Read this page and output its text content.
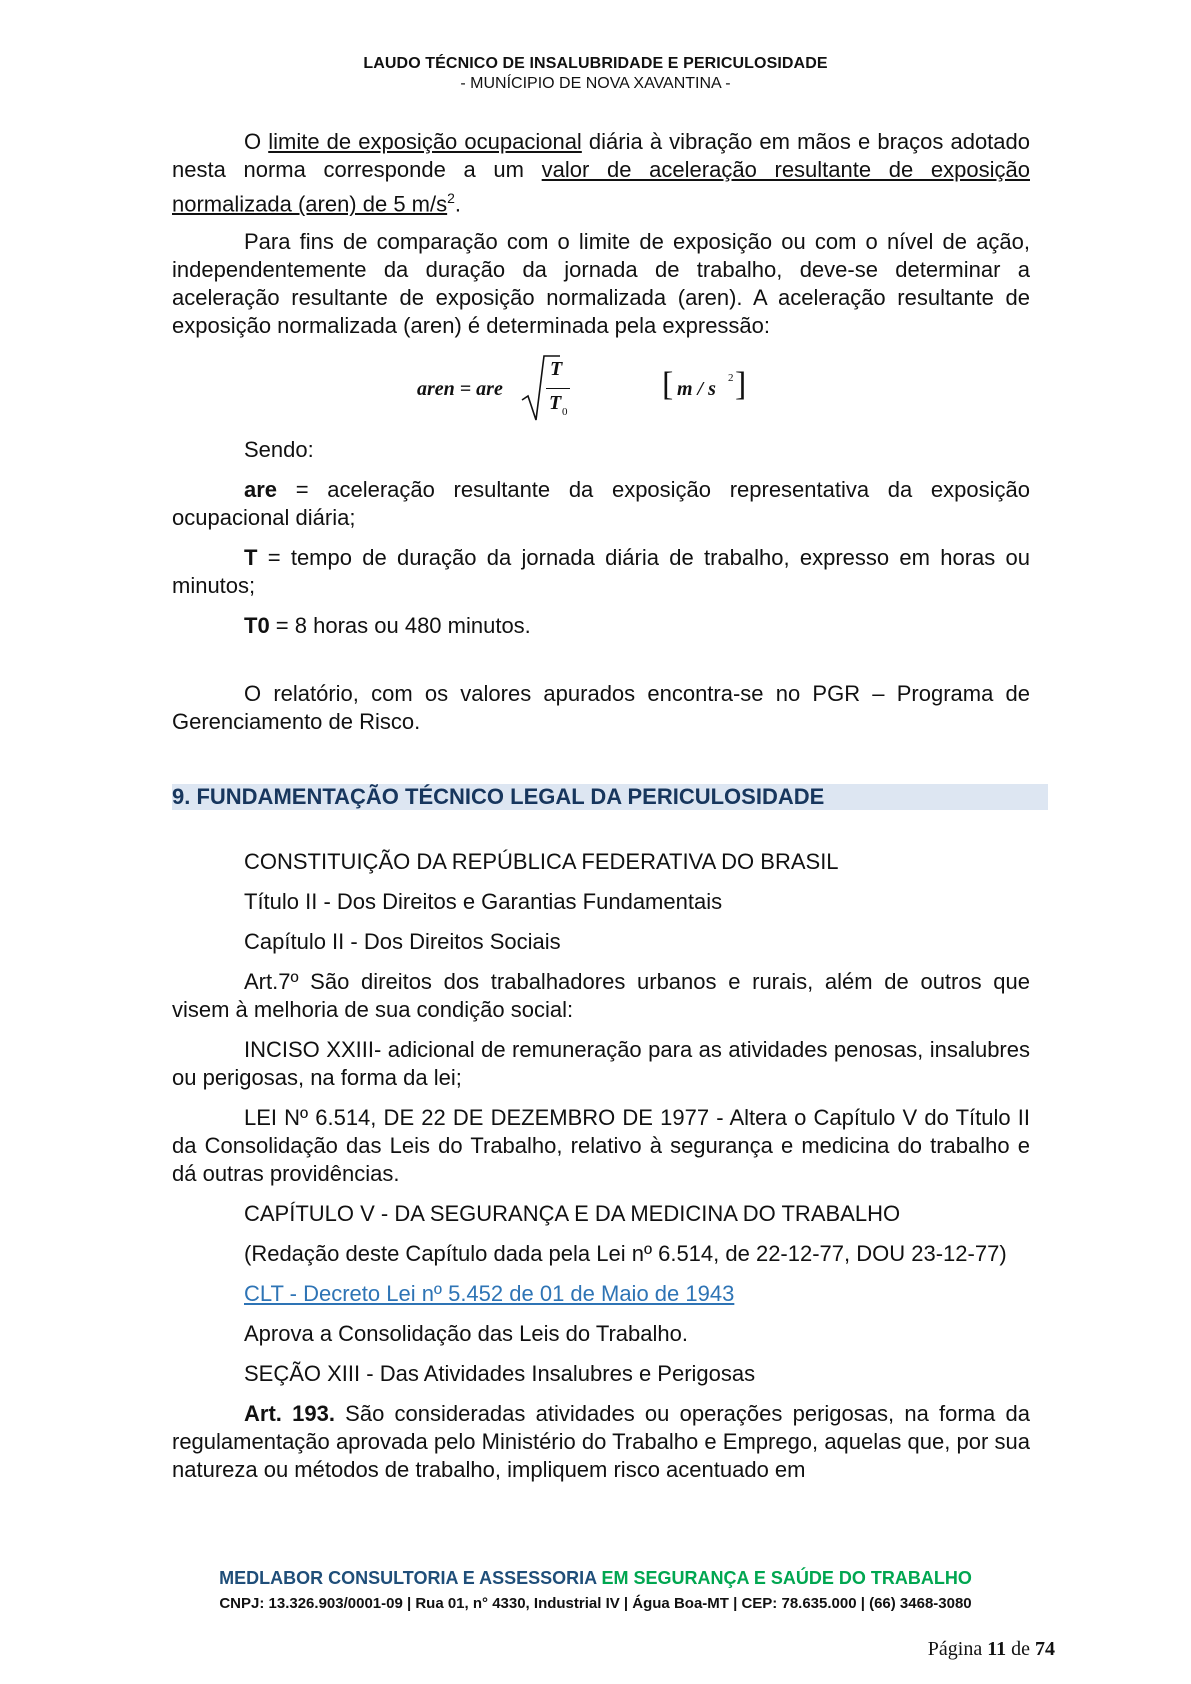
LAUDO TÉCNICO DE INSALUBRIDADE E PERICULOSIDADE
- MUNÍCIPIO DE NOVA XAVANTINA -

O limite de exposição ocupacional diária à vibração em mãos e braços adotado nesta norma corresponde a um valor de aceleração resultante de exposição normalizada (aren) de 5 $m/s^2$.

Para fins de comparação com o limite de exposição ou com o nível de ação, independentemente da duração da jornada de trabalho, deve-se determinar a aceleração resultante de exposição normalizada (aren). A aceleração resultante de exposição normalizada (aren) é determinada pela expressão:

aren = are
T
T 0
[ m / s 2 ]

Sendo:

are = aceleração resultante da exposição representativa da exposição ocupacional diária;

T = tempo de duração da jornada diária de trabalho, expresso em horas ou minutos;

T0 = 8 horas ou 480 minutos.

O relatório, com os valores apurados encontra-se no PGR – Programa de Gerenciamento de Risco.

9. FUNDAMENTAÇÃO TÉCNICO LEGAL DA PERICULOSIDADE

CONSTITUIÇÃO DA REPÚBLICA FEDERATIVA DO BRASIL

Título II - Dos Direitos e Garantias Fundamentais

Capítulo II - Dos Direitos Sociais

Art.7º São direitos dos trabalhadores urbanos e rurais, além de outros que visem à melhoria de sua condição social:

INCISO XXIII- adicional de remuneração para as atividades penosas, insalubres ou perigosas, na forma da lei;

LEI Nº 6.514, DE 22 DE DEZEMBRO DE 1977 - Altera o Capítulo V do Título II da Consolidação das Leis do Trabalho, relativo à segurança e medicina do trabalho e dá outras providências.

CAPÍTULO V - DA SEGURANÇA E DA MEDICINA DO TRABALHO

(Redação deste Capítulo dada pela Lei nº 6.514, de 22-12-77, DOU 23-12-77)

CLT - Decreto Lei nº 5.452 de 01 de Maio de 1943

Aprova a Consolidação das Leis do Trabalho.

SEÇÃO XIII - Das Atividades Insalubres e Perigosas

Art. 193. São consideradas atividades ou operações perigosas, na forma da regulamentação aprovada pelo Ministério do Trabalho e Emprego, aquelas que, por sua natureza ou métodos de trabalho, impliquem risco acentuado em

MEDLABOR CONSULTORIA E ASSESSORIA EM SEGURANÇA E SAÚDE DO TRABALHO
CNPJ: 13.326.903/0001-09 | Rua 01, n° 4330, Industrial IV | Água Boa-MT | CEP: 78.635.000 | (66) 3468-3080
Página 11 de 74
